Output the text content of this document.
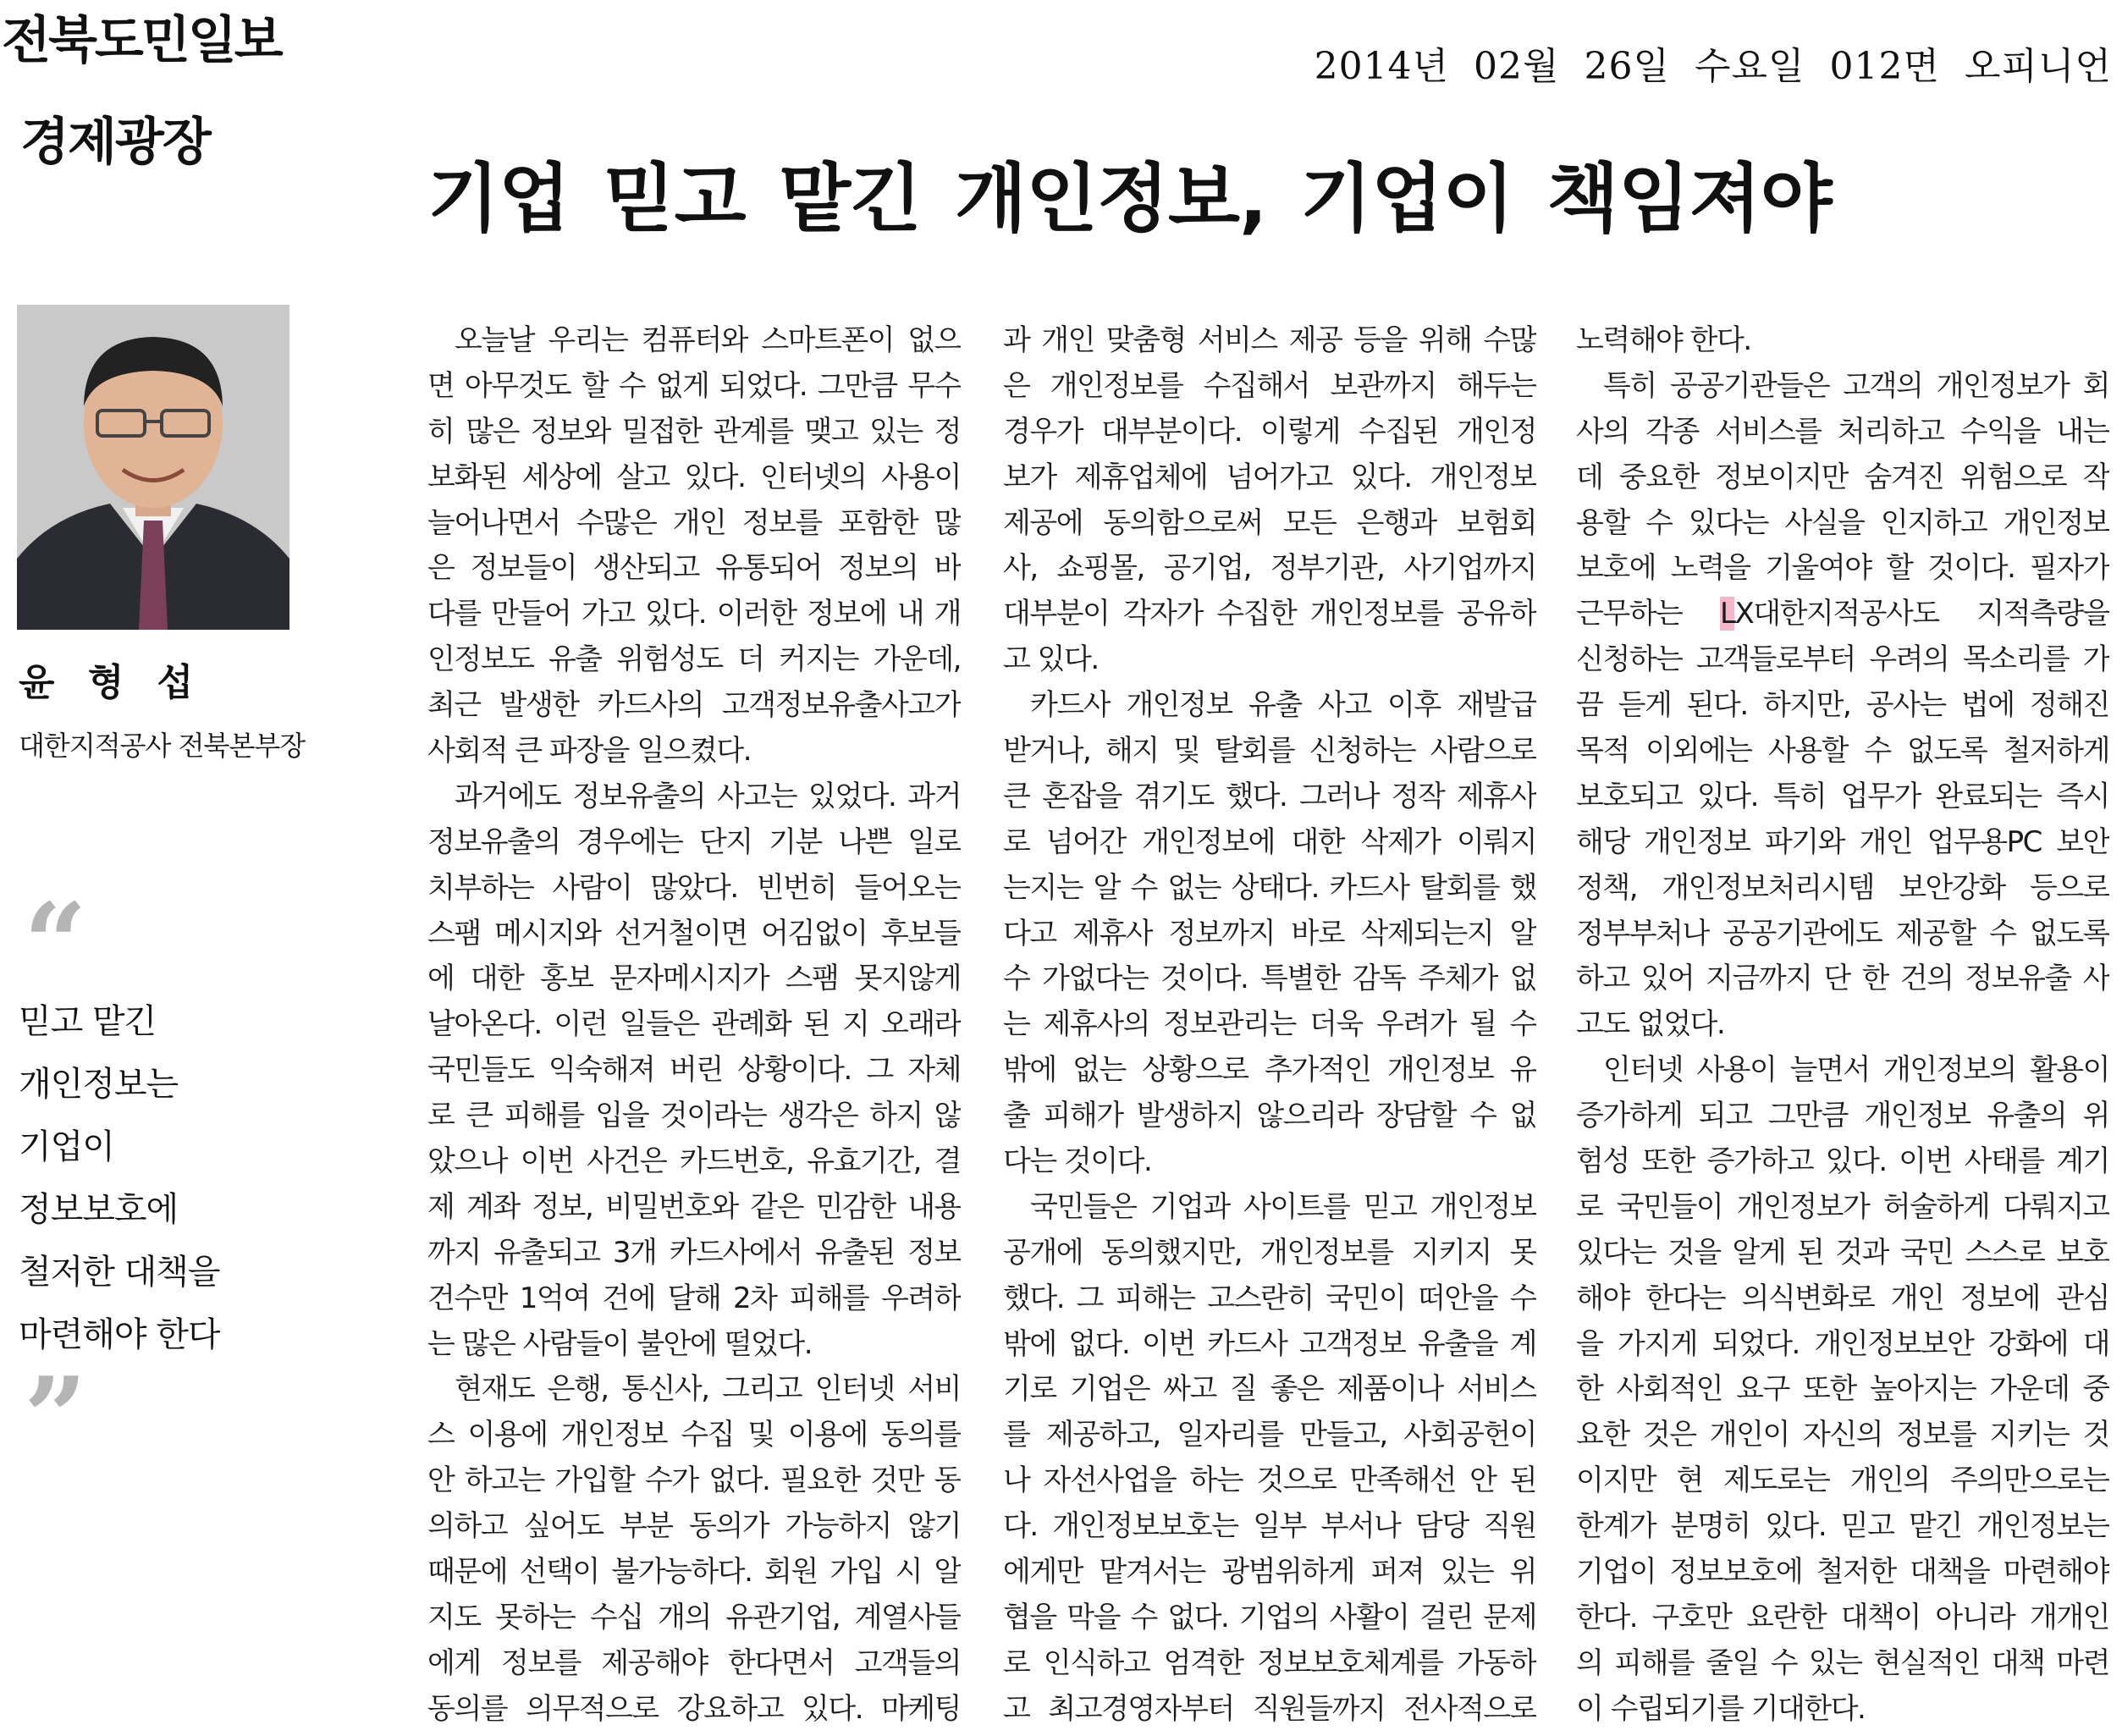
전북도민일보	2014년 02월 26일 수요일 012면 오피니언
경제광장
기업 믿고 맡긴 개인정보, 기업이 책임져야
윤 형 섭
대한지적공사 전북본부장
“
믿고 맡긴
개인정보는
기업이
정보보호에
철저한 대책을
마련해야 한다
”
오늘날 우리는 컴퓨터와 스마트폰이 없으
면 아무것도 할 수 없게 되었다. 그만큼 무수
히 많은 정보와 밀접한 관계를 맺고 있는 정
보화된 세상에 살고 있다. 인터넷의 사용이
늘어나면서 수많은 개인 정보를 포함한 많
은 정보들이 생산되고 유통되어 정보의 바
다를 만들어 가고 있다. 이러한 정보에 내 개
인정보도 유출 위험성도 더 커지는 가운데,
최근 발생한 카드사의 고객정보유출사고가
사회적 큰 파장을 일으켰다.
과거에도 정보유출의 사고는 있었다. 과거
정보유출의 경우에는 단지 기분 나쁜 일로
치부하는 사람이 많았다. 빈번히 들어오는
스팸 메시지와 선거철이면 어김없이 후보들
에 대한 홍보 문자메시지가 스팸 못지않게
날아온다. 이런 일들은 관례화 된 지 오래라
국민들도 익숙해져 버린 상황이다. 그 자체
로 큰 피해를 입을 것이라는 생각은 하지 않
았으나 이번 사건은 카드번호, 유효기간, 결
제 계좌 정보, 비밀번호와 같은 민감한 내용
까지 유출되고 3개 카드사에서 유출된 정보
건수만 1억여 건에 달해 2차 피해를 우려하
는 많은 사람들이 불안에 떨었다.
현재도 은행, 통신사, 그리고 인터넷 서비
스 이용에 개인정보 수집 및 이용에 동의를
안 하고는 가입할 수가 없다. 필요한 것만 동
의하고 싶어도 부분 동의가 가능하지 않기
때문에 선택이 불가능하다. 회원 가입 시 알
지도 못하는 수십 개의 유관기업, 계열사들
에게 정보를 제공해야 한다면서 고객들의
동의를 의무적으로 강요하고 있다. 마케팅
과 개인 맞춤형 서비스 제공 등을 위해 수많
은 개인정보를 수집해서 보관까지 해두는
경우가 대부분이다. 이렇게 수집된 개인정
보가 제휴업체에 넘어가고 있다. 개인정보
제공에 동의함으로써 모든 은행과 보험회
사, 쇼핑몰, 공기업, 정부기관, 사기업까지
대부분이 각자가 수집한 개인정보를 공유하
고 있다.
카드사 개인정보 유출 사고 이후 재발급
받거나, 해지 및 탈회를 신청하는 사람으로
큰 혼잡을 겪기도 했다. 그러나 정작 제휴사
로 넘어간 개인정보에 대한 삭제가 이뤄지
는지는 알 수 없는 상태다. 카드사 탈회를 했
다고 제휴사 정보까지 바로 삭제되는지 알
수 가없다는 것이다. 특별한 감독 주체가 없
는 제휴사의 정보관리는 더욱 우려가 될 수
밖에 없는 상황으로 추가적인 개인정보 유
출 피해가 발생하지 않으리라 장담할 수 없
다는 것이다.
국민들은 기업과 사이트를 믿고 개인정보
공개에 동의했지만, 개인정보를 지키지 못
했다. 그 피해는 고스란히 국민이 떠안을 수
밖에 없다. 이번 카드사 고객정보 유출을 계
기로 기업은 싸고 질 좋은 제품이나 서비스
를 제공하고, 일자리를 만들고, 사회공헌이
나 자선사업을 하는 것으로 만족해선 안 된
다. 개인정보보호는 일부 부서나 담당 직원
에게만 맡겨서는 광범위하게 퍼져 있는 위
협을 막을 수 없다. 기업의 사활이 걸린 문제
로 인식하고 엄격한 정보보호체계를 가동하
고 최고경영자부터 직원들까지 전사적으로
노력해야 한다.
특히 공공기관들은 고객의 개인정보가 회
사의 각종 서비스를 처리하고 수익을 내는
데 중요한 정보이지만 숨겨진 위험으로 작
용할 수 있다는 사실을 인지하고 개인정보
보호에 노력을 기울여야 할 것이다. 필자가
근무하는 LX대한지적공사도 지적측량을
신청하는 고객들로부터 우려의 목소리를 가
끔 듣게 된다. 하지만, 공사는 법에 정해진
목적 이외에는 사용할 수 없도록 철저하게
보호되고 있다. 특히 업무가 완료되는 즉시
해당 개인정보 파기와 개인 업무용PC 보안
정책, 개인정보처리시템 보안강화 등으로
정부부처나 공공기관에도 제공할 수 없도록
하고 있어 지금까지 단 한 건의 정보유출 사
고도 없었다.
인터넷 사용이 늘면서 개인정보의 활용이
증가하게 되고 그만큼 개인정보 유출의 위
험성 또한 증가하고 있다. 이번 사태를 계기
로 국민들이 개인정보가 허술하게 다뤄지고
있다는 것을 알게 된 것과 국민 스스로 보호
해야 한다는 의식변화로 개인 정보에 관심
을 가지게 되었다. 개인정보보안 강화에 대
한 사회적인 요구 또한 높아지는 가운데 중
요한 것은 개인이 자신의 정보를 지키는 것
이지만 현 제도로는 개인의 주의만으로는
한계가 분명히 있다. 믿고 맡긴 개인정보는
기업이 정보보호에 철저한 대책을 마련해야
한다. 구호만 요란한 대책이 아니라 개개인
의 피해를 줄일 수 있는 현실적인 대책 마련
이 수립되기를 기대한다.
